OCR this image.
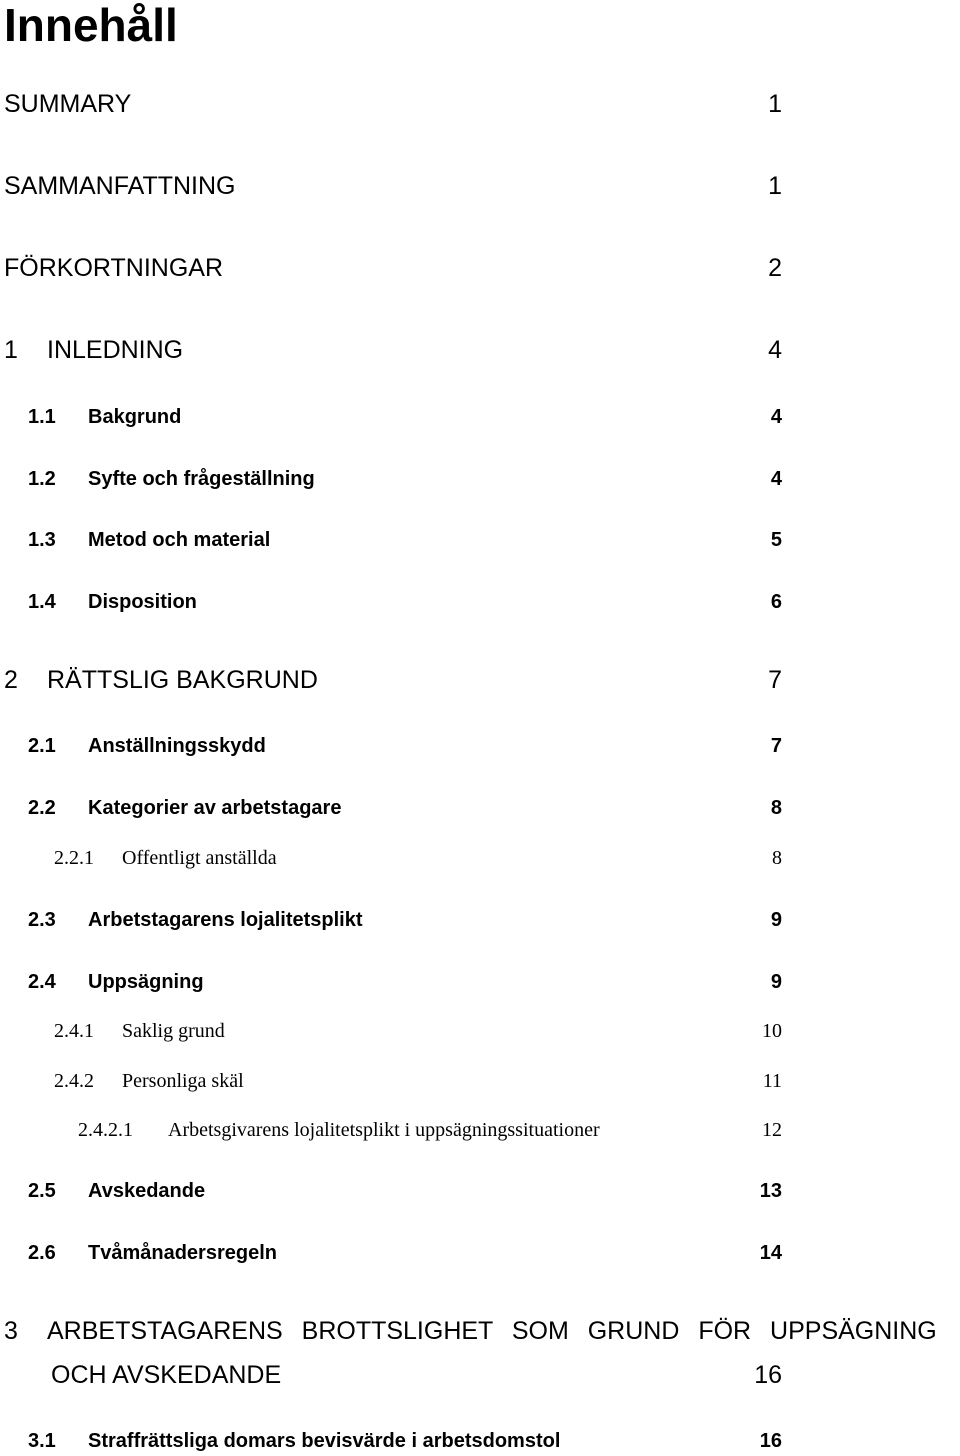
Innehåll
SUMMARY	1
SAMMANFATTNING	1
FÖRKORTNINGAR	2
1 INLEDNING	4
1.1 Bakgrund	4
1.2 Syfte och frågeställning	4
1.3 Metod och material	5
1.4 Disposition	6
2 RÄTTSLIG BAKGRUND	7
2.1 Anställningsskydd	7
2.2 Kategorier av arbetstagare	8
2.2.1 Offentligt anställda	8
2.3 Arbetstagarens lojalitetsplikt	9
2.4 Uppsägning	9
2.4.1 Saklig grund	10
2.4.2 Personliga skäl	11
2.4.2.1 Arbetsgivarens lojalitetsplikt i uppsägningssituationer	12
2.5 Avskedande	13
2.6 Tvåmånadersregeln	14
3 ARBETSTAGARENS BROTTSLIGHET SOM GRUND FÖR UPPSÄGNING
OCH AVSKEDANDE	16
3.1 Straffrättsliga domars bevisvärde i arbetsdomstol	16
